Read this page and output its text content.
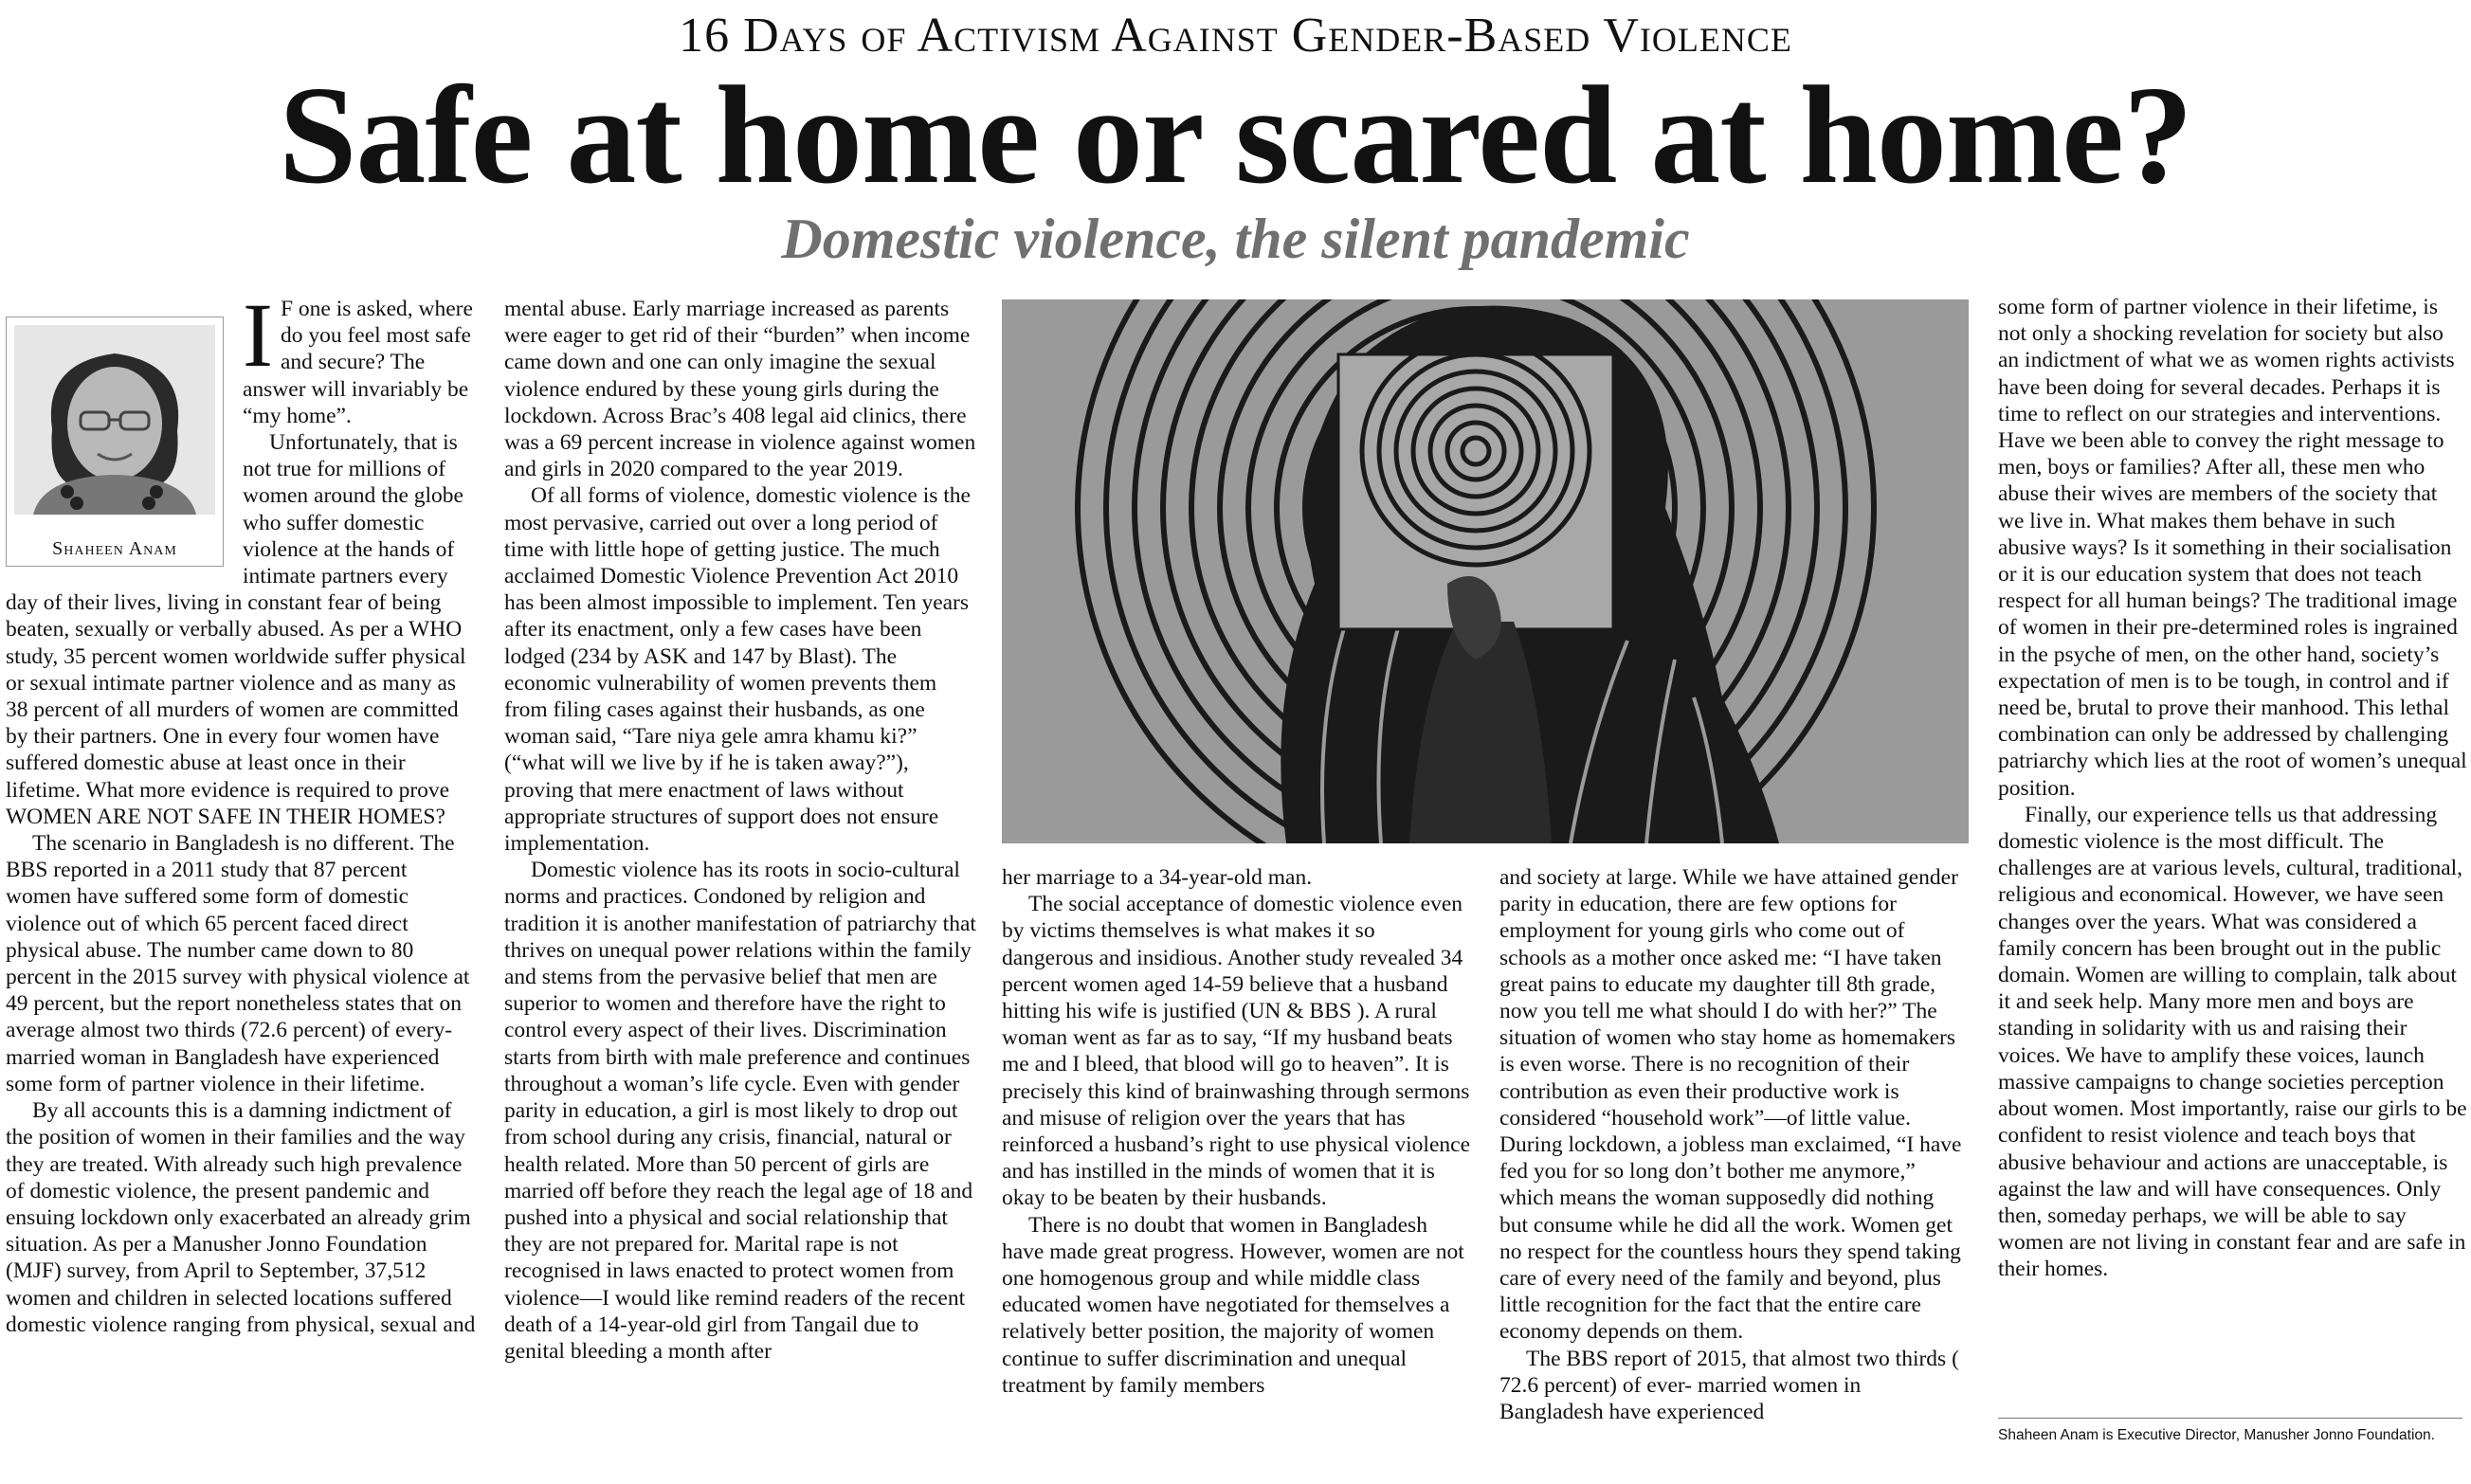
16 Days of Activism Against Gender-Based Violence
Safe at home or scared at home?
Domestic violence, the silent pandemic
Shaheen Anam
I F one is asked, where do you feel most safe and secure? The answer will invariably be “my home”.

Unfortunately, that is not true for millions of women around the globe who suffer domestic violence at the hands of intimate partners every day of their lives, living in constant fear of being beaten, sexually or verbally abused. As per a WHO study, 35 percent women worldwide suffer physical or sexual intimate partner violence and as many as 38 percent of all murders of women are committed by their partners. One in every four women have suffered domestic abuse at least once in their lifetime. What more evidence is required to prove WOMEN ARE NOT SAFE IN THEIR HOMES?

The scenario in Bangladesh is no different. The BBS reported in a 2011 study that 87 percent women have suffered some form of domestic violence out of which 65 percent faced direct physical abuse. The number came down to 80 percent in the 2015 survey with physical violence at 49 percent, but the report nonetheless states that on average almost two thirds (72.6 percent) of every-married woman in Bangladesh have experienced some form of partner violence in their lifetime.

By all accounts this is a damning indictment of the position of women in their families and the way they are treated. With already such high prevalence of domestic violence, the present pandemic and ensuing lockdown only exacerbated an already grim situation. As per a Manusher Jonno Foundation (MJF) survey, from April to September, 37,512 women and children in selected locations suffered domestic violence ranging from physical, sexual and

mental abuse. Early marriage increased as parents were eager to get rid of their “burden” when income came down and one can only imagine the sexual violence endured by these young girls during the lockdown. Across Brac’s 408 legal aid clinics, there was a 69 percent increase in violence against women and girls in 2020 compared to the year 2019.

Of all forms of violence, domestic violence is the most pervasive, carried out over a long period of time with little hope of getting justice. The much acclaimed Domestic Violence Prevention Act 2010 has been almost impossible to implement. Ten years after its enactment, only a few cases have been lodged (234 by ASK and 147 by Blast). The economic vulnerability of women prevents them from filing cases against their husbands, as one woman said, “Tare niya gele amra khamu ki?” (“what will we live by if he is taken away?”), proving that mere enactment of laws without appropriate structures of support does not ensure implementation.

Domestic violence has its roots in socio-cultural norms and practices. Condoned by religion and tradition it is another manifestation of patriarchy that thrives on unequal power relations within the family and stems from the pervasive belief that men are superior to women and therefore have the right to control every aspect of their lives. Discrimination starts from birth with male preference and continues throughout a woman’s life cycle. Even with gender parity in education, a girl is most likely to drop out from school during any crisis, financial, natural or health related. More than 50 percent of girls are married off before they reach the legal age of 18 and pushed into a physical and social relationship that they are not prepared for. Marital rape is not recognised in laws enacted to protect women from violence—I would like remind readers of the recent death of a 14-year-old girl from Tangail due to genital bleeding a month after

her marriage to a 34-year-old man.

The social acceptance of domestic violence even by victims themselves is what makes it so dangerous and insidious. Another study revealed 34 percent women aged 14-59 believe that a husband hitting his wife is justified (UN & BBS ). A rural woman went as far as to say, “If my husband beats me and I bleed, that blood will go to heaven”. It is precisely this kind of brainwashing through sermons and misuse of religion over the years that has reinforced a husband’s right to use physical violence and has instilled in the minds of women that it is okay to be beaten by their husbands.

There is no doubt that women in Bangladesh have made great progress. However, women are not one homogenous group and while middle class educated women have negotiated for themselves a relatively better position, the majority of women continue to suffer discrimination and unequal treatment by family members

and society at large. While we have attained gender parity in education, there are few options for employment for young girls who come out of schools as a mother once asked me: “I have taken great pains to educate my daughter till 8th grade, now you tell me what should I do with her?” The situation of women who stay home as homemakers is even worse. There is no recognition of their contribution as even their productive work is considered “household work”—of little value. During lockdown, a jobless man exclaimed, “I have fed you for so long don’t bother me anymore,” which means the woman supposedly did nothing but consume while he did all the work. Women get no respect for the countless hours they spend taking care of every need of the family and beyond, plus little recognition for the fact that the entire care economy depends on them.

The BBS report of 2015, that almost two thirds ( 72.6 percent) of ever- married women in Bangladesh have experienced

some form of partner violence in their lifetime, is not only a shocking revelation for society but also an indictment of what we as women rights activists have been doing for several decades. Perhaps it is time to reflect on our strategies and interventions. Have we been able to convey the right message to men, boys or families? After all, these men who abuse their wives are members of the society that we live in. What makes them behave in such abusive ways? Is it something in their socialisation or it is our education system that does not teach respect for all human beings? The traditional image of women in their pre-determined roles is ingrained in the psyche of men, on the other hand, society’s expectation of men is to be tough, in control and if need be, brutal to prove their manhood. This lethal combination can only be addressed by challenging patriarchy which lies at the root of women’s unequal position.

Finally, our experience tells us that addressing domestic violence is the most difficult. The challenges are at various levels, cultural, traditional, religious and economical. However, we have seen changes over the years. What was considered a family concern has been brought out in the public domain. Women are willing to complain, talk about it and seek help. Many more men and boys are standing in solidarity with us and raising their voices. We have to amplify these voices, launch massive campaigns to change societies perception about women. Most importantly, raise our girls to be confident to resist violence and teach boys that abusive behaviour and actions are unacceptable, is against the law and will have consequences. Only then, someday perhaps, we will be able to say women are not living in constant fear and are safe in their homes.

Shaheen Anam is Executive Director, Manusher Jonno Foundation.
